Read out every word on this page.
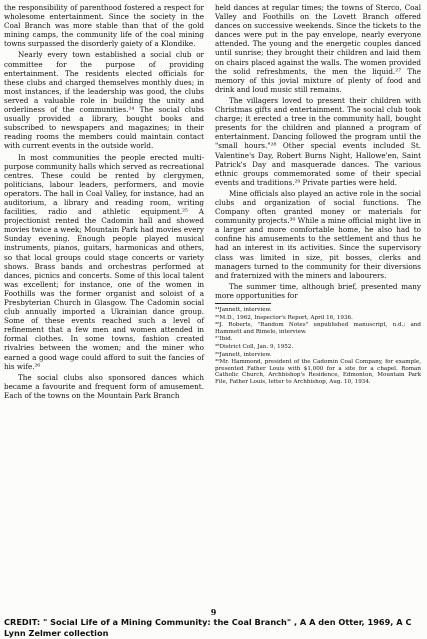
the responsibility of parenthood fostered a respect for wholesome entertainment. Since the society in the Coal Branch was more stable than that of the gold mining camps, the community life of the coal mining towns surpassed the disorderly gaiety of a Klondike.

Nearly every town established a social club or committee for the purpose of providing entertainment. The residents elected officials for these clubs and charged themselves monthly dues; in most instances, if the leadership was good, the clubs served a valuable role in building the unity and orderliness of the communities.²⁴ The social clubs usually provided a library, bought books and subscribed to newspapers and magazines; in their reading rooms the members could maintain contact with current events in the outside world.

In most communities the people erected multi-purpose community halls which served as recreational centres. These could be rented by clergymen, politicians, labour leaders, performers, and movie operators. The hall in Coal Valley, for instance, had an auditorium, a library and reading room, writing facilities, radio and athletic equipment.²⁵ A projectionist rented the Cadomin hall and showed movies twice a week; Mountain Park had movies every Sunday evening. Enough people played musical instruments, pianos, guitars, harmonicas and others, so that local groups could stage concerts or variety shows. Brass bands and orchestras performed at dances, picnics and concerts. Some of this local talent was excellent; for instance, one of the women in Foothills was the former organist and soloist of a Presbyterian Church in Glasgow. The Cadomin social club annually imported a Ukrainian dance group. Some of these events reached such a level of refinement that a few men and women attended in formal clothes. In some towns, fashion created rivalries between the women; and the miner who earned a good wage could afford to suit the fancies of his wife.²⁶

The social clubs also sponsored dances which became a favourite and frequent form of amusement. Each of the towns on the Mountain Park Branch

held dances at regular times; the towns of Sterco, Coal Valley and Foothills on the Lovett Branch offered dances on successive weekends. Since the tickets to the dances were put in the pay envelope, nearly everyone attended. The young and the energetic couples danced until sunrise; they brought their children and laid them on chairs placed against the walls. The women provided the solid refreshments, the men the liquid.²⁷ The memory of this jovial mixture of plenty of food and drink and loud music still remains.

The villagers loved to present their children with Christmas gifts and entertainment. The social club took charge; it erected a tree in the community hall, bought presents for the children and planned a program of entertainment. Dancing followed the program until the "small hours."²⁸ Other special events included St. Valentine's Day, Robert Burns Night, Hallowe'en, Saint Patrick's Day and masquerade dances. The various ethnic groups commemorated some of their special events and traditions.²⁹ Private parties were held.

Mine officials also played an active role in the social clubs and organization of social functions. The Company often granted money or materials for community projects.³⁰ While a mine official might live in a larger and more comfortable home, he also had to confine his amusements to the settlement and thus he had an interest in its activities. Since the supervisory class was limited in size, pit bosses, clerks and managers turned to the community for their diversions and fraternized with the miners and labourers.

The summer time, although brief, presented many more opportunities for

²⁴Jannett, interview.

²⁵M.D., 1962, Inspector's Report, April 16, 1936.

²⁶J. Roberts, "Random Notes" unpublished manuscript, n.d.; and Hammett and Rimelo, interview.

²⁷Ibid.

²⁸District Coll, Jan. 9, 1952.

²⁹Jannett, interview.

³⁰Mr. Hammond, president of the Cadomin Coal Company, for example, presented Father Louis with $1,000 for a site for a chapel. Roman Catholic Church, Archbishop's Residence, Edmonton, Mountain Park File, Father Louis, letter to Archbishop, Aug. 10, 1934.

9
CREDIT: " Social Life of a Mining Community: the Coal Branch" , A A den Otter, 1969, A C Lynn Zelmer collection
